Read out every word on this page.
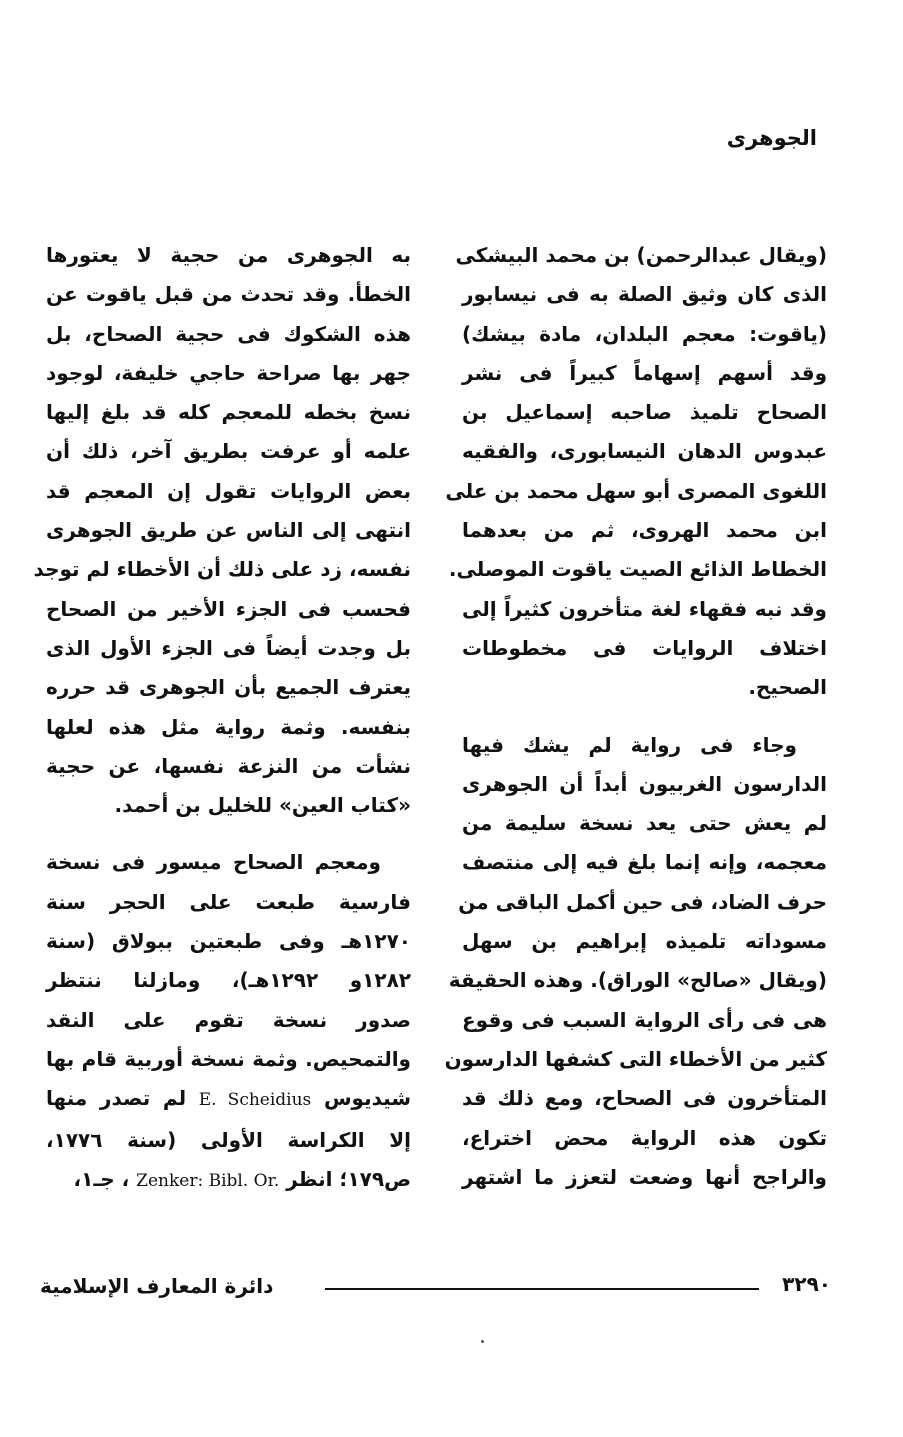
الجوهرى

(ويقال عبدالرحمن) بن محمد البيشكى
الذى كان وثيق الصلة به فى نيسابور
(ياقوت: معجم البلدان، مادة بيشك)
وقد أسهم إسهاماً كبيراً فى نشر
الصحاح تلميذ صاحبه إسماعيل بن
عبدوس الدهان النيسابورى، والفقيه
اللغوى المصرى أبو سهل محمد بن على
ابن محمد الهروى، ثم من بعدهما
الخطاط الذائع الصيت ياقوت الموصلى.
وقد نبه فقهاء لغة متأخرون كثيراً إلى
اختلاف الروايات فى مخطوطات
الصحيح.

وجاء فى رواية لم يشك فيها
الدارسون الغربيون أبداً أن الجوهرى
لم يعش حتى يعد نسخة سليمة من
معجمه، وإنه إنما بلغ فيه إلى منتصف
حرف الضاد، فى حين أكمل الباقى من
مسوداته تلميذه إبراهيم بن سهل
(ويقال «صالح» الوراق). وهذه الحقيقة
هى فى رأى الرواية السبب فى وقوع
كثير من الأخطاء التى كشفها الدارسون
المتأخرون فى الصحاح، ومع ذلك قد
تكون هذه الرواية محض اختراع،
والراجح أنها وضعت لتعزز ما اشتهر

به الجوهرى من حجية لا يعتورها
الخطأ. وقد تحدث من قبل ياقوت عن
هذه الشكوك فى حجية الصحاح، بل
جهر بها صراحة حاجي خليفة، لوجود
نسخ بخطه للمعجم كله قد بلغ إليها
علمه أو عرفت بطريق آخر، ذلك أن
بعض الروايات تقول إن المعجم قد
انتهى إلى الناس عن طريق الجوهرى
نفسه، زد على ذلك أن الأخطاء لم توجد
فحسب فى الجزء الأخير من الصحاح
بل وجدت أيضاً فى الجزء الأول الذى
يعترف الجميع بأن الجوهرى قد حرره
بنفسه. وثمة رواية مثل هذه لعلها
نشأت من النزعة نفسها، عن حجية
«كتاب العين» للخليل بن أحمد.

ومعجم الصحاح ميسور فى نسخة
فارسية طبعت على الحجر سنة
١٢٧٠هـ وفى طبعتين ببولاق (سنة
١٢٨٢و ١٢٩٢هـ)، ومازلنا ننتظر
صدور نسخة تقوم على النقد
والتمحيص. وثمة نسخة أوربية قام بها
شيديوس E. Scheidius لم تصدر منها
إلا الكراسة الأولى (سنة ١٧٧٦،
ص١٧٩؛ انظر Zenker: Bibl. Or. ، جـ١،

٣٢٩٠
دائرة المعارف الإسلامية
